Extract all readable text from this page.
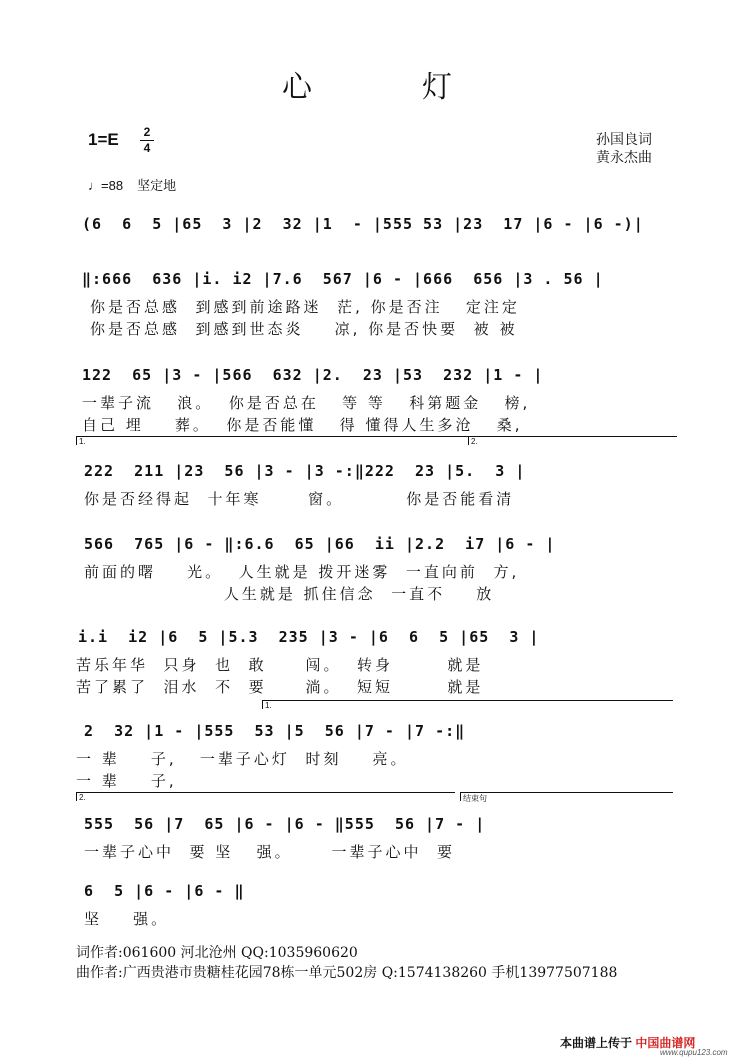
心灯
1=E	2
4	孙国良词
黄永杰曲
♩=88 坚定地
(6  6  5 |65  3 |2  32 |1  - |555 53 |23  17 |6 - |6 -)|
‖:666  636 |i. i2 |7.6  567 |6 - |666  656 |3 . 56 |
你是否总感  到感到前途路迷  茫, 你是否注   定注定
你是否总感  到感到世态炎    凉, 你是否快要  被 被
122  65 |3 - |566  632 |2.  23 |53  232 |1 - |
一辈子流   浪。  你是否总在   等 等   科第题金   榜,
自己 埋    葬。  你是否能懂   得 懂得人生多沧   桑,
1.	2.
222  211 |23  56 |3 - |3 -:‖222  23 |5.  3 |
你是否经得起  十年寒      窗。        你是否能看清
566  765 |6 - ‖:6.6  65 |66  ii |2.2  i7 |6 - |
前面的曙    光。  人生就是 拨开迷雾  一直向前  方,
人生就是 抓住信念  一直不    放
i.i  i2 |6  5 |5.3  235 |3 - |6  6  5 |65  3 |
苦乐年华  只身  也  敢     闯。  转身       就是
苦了累了  泪水  不  要     淌。  短短       就是
1.
2  32 |1 - |555  53 |5  56 |7 - |7 -:‖
一 辈    子,   一辈子心灯  时刻    亮。
一 辈    子,
2.	结束句
555  56 |7  65 |6 - |6 - ‖555  56 |7 - |
一辈子心中  要 坚   强。     一辈子心中  要
6  5 |6 - |6 - ‖
坚    强。
词作者:061600 河北沧州 QQ:1035960620
曲作者:广西贵港市贵糖桂花园78栋一单元502房 Q:1574138260 手机13977507188
本曲谱上传于 中国曲谱网
www.qupu123.com
